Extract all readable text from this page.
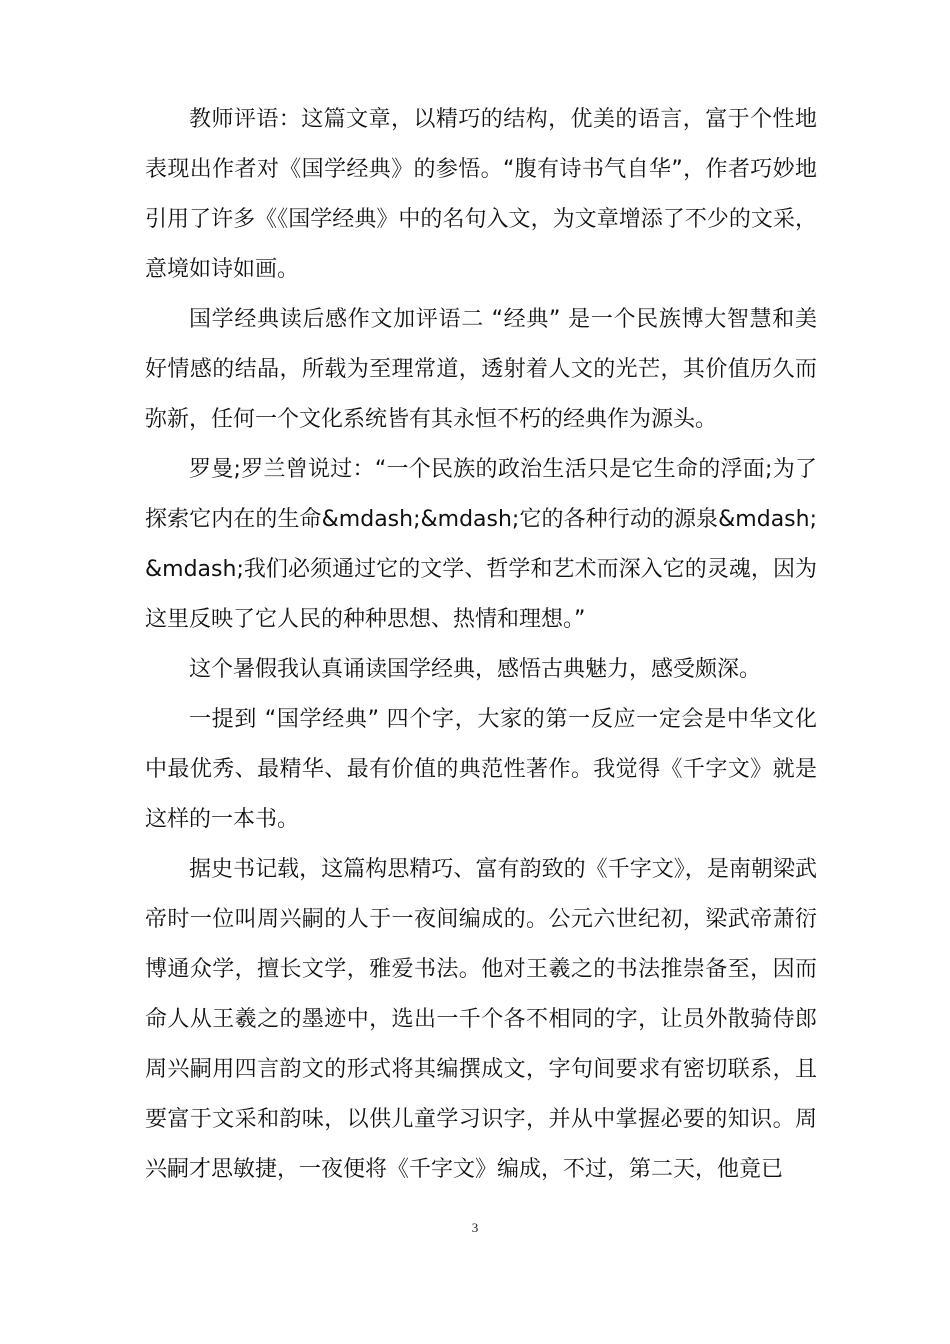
教师评语：这篇文章，以精巧的结构，优美的语言，富于个性地表现出作者对《国学经典》的参悟。“腹有诗书气自华”，作者巧妙地引用了许多《《国学经典》中的名句入文，为文章增添了不少的文采，意境如诗如画。

国学经典读后感作文加评语二 “经典” 是一个民族博大智慧和美好情感的结晶，所载为至理常道，透射着人文的光芒，其价值历久而弥新，任何一个文化系统皆有其永恒不朽的经典作为源头。

罗曼;罗兰曾说过：“一个民族的政治生活只是它生命的浮面;为了探索它内在的生命&mdash;&mdash;它的各种行动的源泉&mdash;&mdash;我们必须通过它的文学、哲学和艺术而深入它的灵魂，因为这里反映了它人民的种种思想、热情和理想。”

这个暑假我认真诵读国学经典，感悟古典魅力，感受颇深。

一提到 “国学经典” 四个字，大家的第一反应一定会是中华文化中最优秀、最精华、最有价值的典范性著作。我觉得《千字文》就是这样的一本书。

据史书记载，这篇构思精巧、富有韵致的《千字文》，是南朝梁武帝时一位叫周兴嗣的人于一夜间编成的。公元六世纪初，梁武帝萧衍博通众学，擅长文学，雅爱书法。他对王羲之的书法推崇备至，因而命人从王羲之的墨迹中，选出一千个各不相同的字，让员外散骑侍郎周兴嗣用四言韵文的形式将其编撰成文，字句间要求有密切联系，且要富于文采和韵味，以供儿童学习识字，并从中掌握必要的知识。周兴嗣才思敏捷，一夜便将《千字文》编成，不过，第二天，他竟已

3
